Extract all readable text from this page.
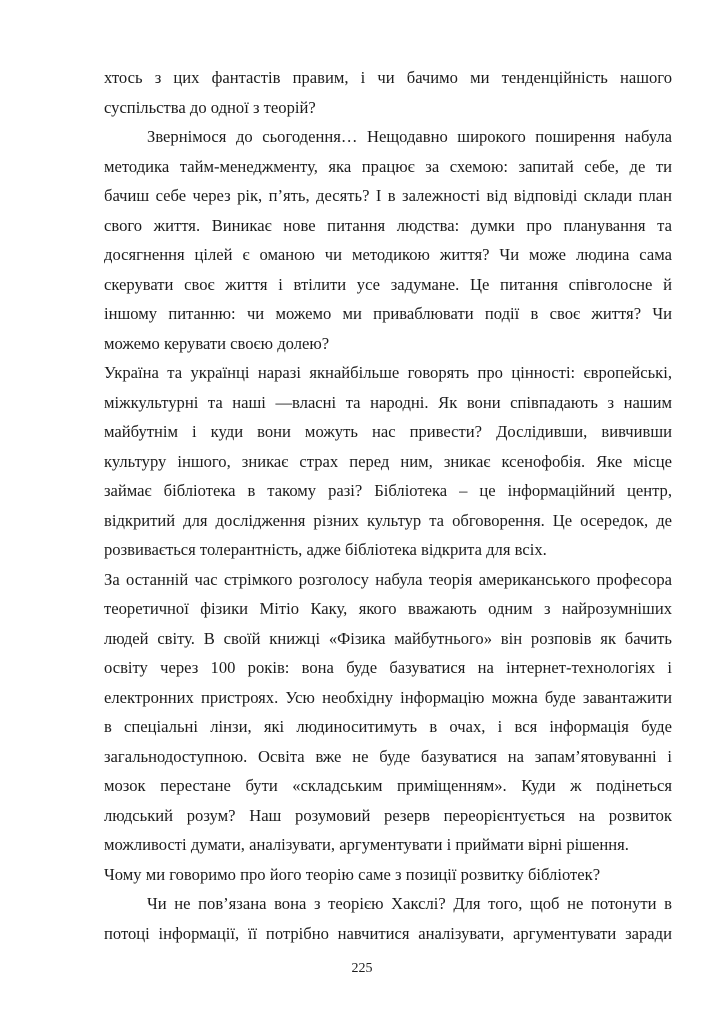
хтось з цих фантастів правим, і чи бачимо ми тенденційність нашого
суспільства до одної з теорій?
Звернімося до сьогодення… Нещодавно широкого поширення набула
методика тайм-менеджменту, яка працює за схемою: запитай себе, де ти
бачиш себе через рік, п’ять, десять? І в залежності від відповіді склади план
свого життя. Виникає нове питання людства: думки про планування та
досягнення цілей є оманою чи методикою життя? Чи може людина сама
скерувати своє життя і втілити усе задумане. Це питання співголосне й
іншому питанню: чи можемо ми приваблювати події в своє життя? Чи
можемо керувати своєю долею?
Україна та українці наразі якнайбільше говорять про цінності: європейські,
міжкультурні та наші —власні та народні. Як вони співпадають з нашим
майбутнім і куди вони можуть нас привести? Дослідивши, вивчивши
культуру іншого, зникає страх перед ним, зникає ксенофобія. Яке місце
займає бібліотека в такому разі? Бібліотека – це інформаційний центр,
відкритий для дослідження різних культур та обговорення. Це осередок, де
розвивається толерантність, адже бібліотека відкрита для всіх.
За останній час стрімкого розголосу набула теорія американського професора
теоретичної фізики Мітіо Каку, якого вважають одним з найрозумніших
людей світу. В своїй книжці «Фізика майбутнього» він розповів як бачить
освіту через 100 років: вона буде базуватися на інтернет-технологіях і
електронних пристроях. Усю необхідну інформацію можна буде завантажити
в спеціальні лінзи, які людиноситимуть в очах, і вся інформація буде
загальнодоступною. Освіта вже не буде базуватися на запам’ятовуванні і
мозок перестане бути «складським приміщенням». Куди ж подінеться
людський розум? Наш розумовий резерв переорієнтується на розвиток
можливості думати, аналізувати, аргументувати і приймати вірні рішення.
Чому ми говоримо про його теорію саме з позиції розвитку бібліотек?
Чи не пов’язана вона з теорією Хакслі? Для того, щоб не потонути в
потоці інформації, її потрібно навчитися аналізувати, аргументувати заради
225
